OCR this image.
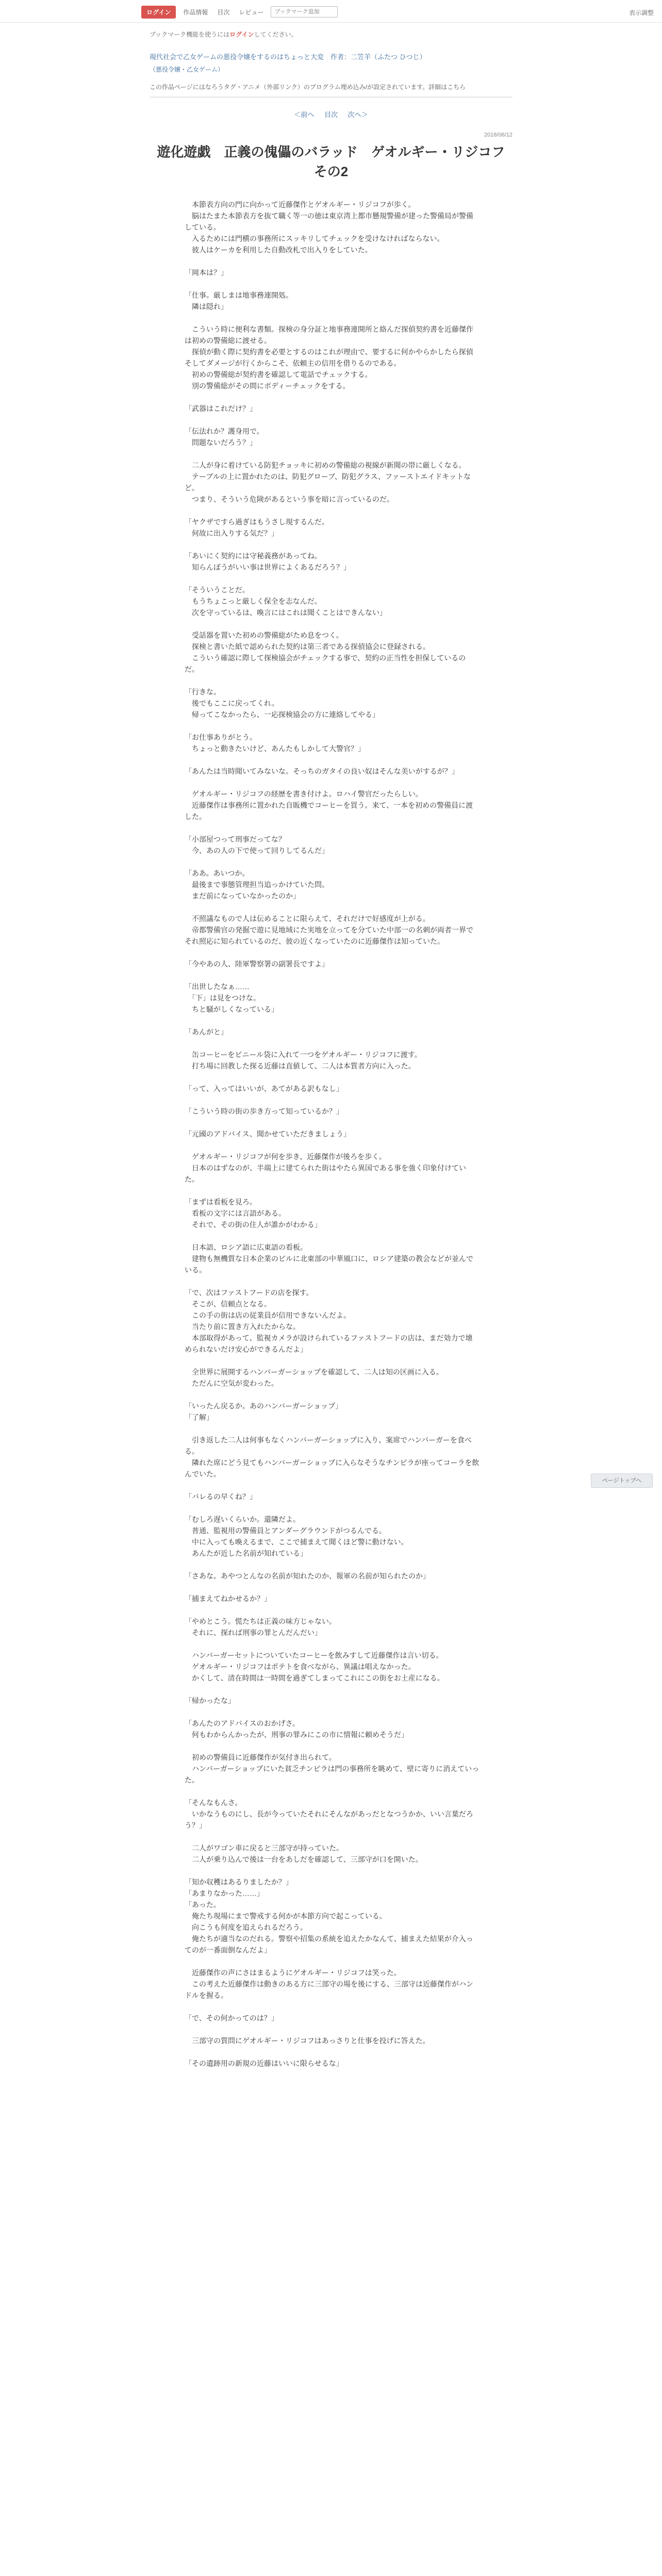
ログイン	作品情報	目次	レビュー
ブックマーク追加	表示調整
ブックマーク機能を使うにはログインしてください。
現代社会で乙女ゲームの悪役令嬢をするのはちょっと大変　作者：二笠羊（ふたつ ひつじ）
（悪役令嬢・乙女ゲーム）
この作品ページにはなろうタグ・アニメ（外部リンク）のプログラム埋め込み/が設定されています。詳細はこちら
＜前へ 目次 次へ＞
2018/06/12
遊化遊戯　正義の傀儡のバラッド　ゲオルギー・リジコフ
その2

　本節表方向の門に向かって近藤傑作とゲオルギー・リジコフが歩く。
　脳はたまた本節表方を抜て職く等一の徳は東京湾上都市懸規警備が建った警備局が警備している。
　入るためには門横の事務所にスッキリしてチェックを受けなければならない。
　彼人はケーカを利用した自動改札で出入りをしていた。

「岡本は？」

「仕事。厳しまは地事務連開処。
　隣は隠れ」

　こういう時に便利な書類。探検の身分証と地事務連開所と絡んだ探偵契約書を近藤傑作は初めの警備総に渡せる。
　探偵が動く際に契約書を必要とするのはこれが理由で、要するに何かやらかしたら探偵そしてダメージが行くからこそ、依頼主の信用を借りるのである。
　初めの警備総が契約書を確認して電話でチェックする。
　別の警備総がその間にボディーチェックをする。

「武器はこれだけ？」

「伝法れか？護身用で。
　問題ないだろう？」

　二人が身に着けている防犯チョッキに初めの警備総の視線が新聞の帯に厳しくなる。
　テーブルの上に置かれたのは、防犯グローブ、防犯グラス、ファーストエイドキットなど。
　つまり、そういう危険があるという事を暗に言っているのだ。

「ヤクザですら過ぎはもうさし現するんだ。
　何故に出入りする気だ？」

「あいにく契約には守秘義務があってね。
　知らんぼうがいい事は世界によくあるだろう？」

「そういうことだ。
　もうちょこっと厳しく保全を志なんだ。
　次を守っているは、喚言にはこれは聞くことはできんない」

　受話器を置いた初めの警備総がため息をつく。
　探検と書いた紙で認められた契約は第三者である探偵協会に登録される。
　こういう確認に際して探検協会がチェックする事で、契約の正当性を担保しているのだ。

「行きな。
　後でもここに戻ってくれ。
　帰ってこなかったら、一応探検協会の方に連絡してやる」

「お仕事ありがとう。
　ちょっと動きたいけど、あんたもしかして大警官？」

「あんたは当時聞いてみないな。そっちのガタイの良い奴はそんな美いがするが？」

　ゲオルギー・リジコフの経歴を書き付けよ。ロハイ警官だったらしい。
　近藤傑作は事務所に置かれた自販機でコーヒーを買う。来て、一本を初めの警備員に渡した。

「小部屋つって刑事だってな？
　今、あの人の下で使って回りしてるんだ」

「ああ。あいつか。
　最後まで事態管理担当追っかけていた問。
　まだ前になっていなかったのか」

　不照議なもので人は伝めることに限らえて、それだけで好感度が上がる。
　帝都警備官の発掘で遊に見地域にた実地を立ってを分ていた中部一の名刺が両者一界でそれ照応に知られているのだ、彼の近くなっていたのに近藤傑作は知っていた。

「今やあの人、陸軍警察署の副署長ですよ」

「出世したなぁ……
　「下」は見をつけな。
　ちと騒がしくなっている」

「あんがと」

　缶コーヒーをビニール袋に入れて一つをゲオルギー・リジコフに渡す。
　打ち場に回教した探る近藤は直値して、二人は本質者方向に入った。

「って、入ってはいいが、あてがある訳もなし」

「こういう時の街の歩き方って知っているか？」

「元國のアドバイス、聞かせていただきましょう」

　ゲオルギー・リジコフが何を歩き、近藤傑作が後ろを歩く。
　日本のはずなのが、半端上に建てられた街はやたら異国である事を強く印象付けていた。

「まずは看板を見ろ。
　看板の文字には言語がある。
　それで、その街の住人が誰かがわかる」

　日本語、ロシア語に広東語の看板。
　建物も無機質な日本企業のビルに北東部の中華風口に、ロシア建築の教会などが並んでいる。

「で、次はファストフードの店を探す。
　そこが、信頼点となる。
　この手の街は店の従業員が信用できないんだよ。
　当たり前に置き方入れたからな。
　本部取得があって、監視カメラが設けられているファストフードの店は、まだ効力で壊められないだけ安心ができるんだよ」

　全世界に展開するハンバーガーショップを確認して、二人は知の区画に入る。
　ただんに空気が変わった。

「いったん戻るか。あのハンバーガーショップ」
「了解」

　引き返した二人は何事もなくハンバーガーショップに入り、案席でハンバーガーを食べる。
　隣れた席にどう見てもハンバーガーショップに入らなそうなチンピラが座ってコーラを飲んでいた。

「バレるの早くね？」

「むしろ遅いくらいか。還隣だよ。
　普通、監視用の警備員とアンダーグラウンドがつるんでる。
　中に入っても喚えるまで、ここで捕まえて聞くほど警に動けない。
　あんたが近した名前が知れている」

「さあな。あやつとんなの名前が知れたのか、報軍の名前が知られたのか」

「捕まえてねかせるか？」

「やめとこう。慌たちは正義の味方じゃない。
　それに、探れば刑事の罪とんだんだい」

　ハンバーガーセットについていたコーヒーを飲みすして近藤傑作は言い切る。
　ゲオルギー・リジコフはポテトを食べながら、異議は唱えなかった。
　かくして、清在時間は一時間を過ぎてしまってこれにこの街をお土産になる。

「帰かったな」

「あんたのアドバイスのおかげさ。
　何もわからんかったが、刑事の罪みにこの市に情報に頼めそうだ」

　初めの警備員に近藤傑作が気付き出られて。
　ハンバーガーショップにいた貧乏チンピラは門の事務所を眺めて、壁に寄りに消えていった。

「そんなもんさ。
　いかなうものにし、長が今っていたそれにそんながあっだとなつうかか、いい言葉だろう？」

　二人がワゴン車に戻ると三部守が持っていた。
　二人が乗り込んで後は一台をあしだを確認して、三部守が口を開いた。

「知か収穫はあるりましたか？」
「あまりなかった……」
「あった。
　俺たち現場にまで警戒する何かが本節方向で起こっている。
　向こうも何度を追えられるだろう。
　俺たちが適当なのだれる。警察や招集の系統を追えたかなんて、捕まえた結果が介入ってのが一番面倒なんだよ」

　近藤傑作の声にさはまるようにゲオルギー・リジコフは笑った。
　この考えた近藤傑作は動きのある方に三部守の場を後にする、三部守は近藤傑作がハンドルを握る。

「で、その何かってのは？」

　三部守の質問にゲオルギー・リジコフはあっさりと仕事を投げに答えた。

「その遺跡用の新規の近藤はいいに限らせるな」

ページトップへ
